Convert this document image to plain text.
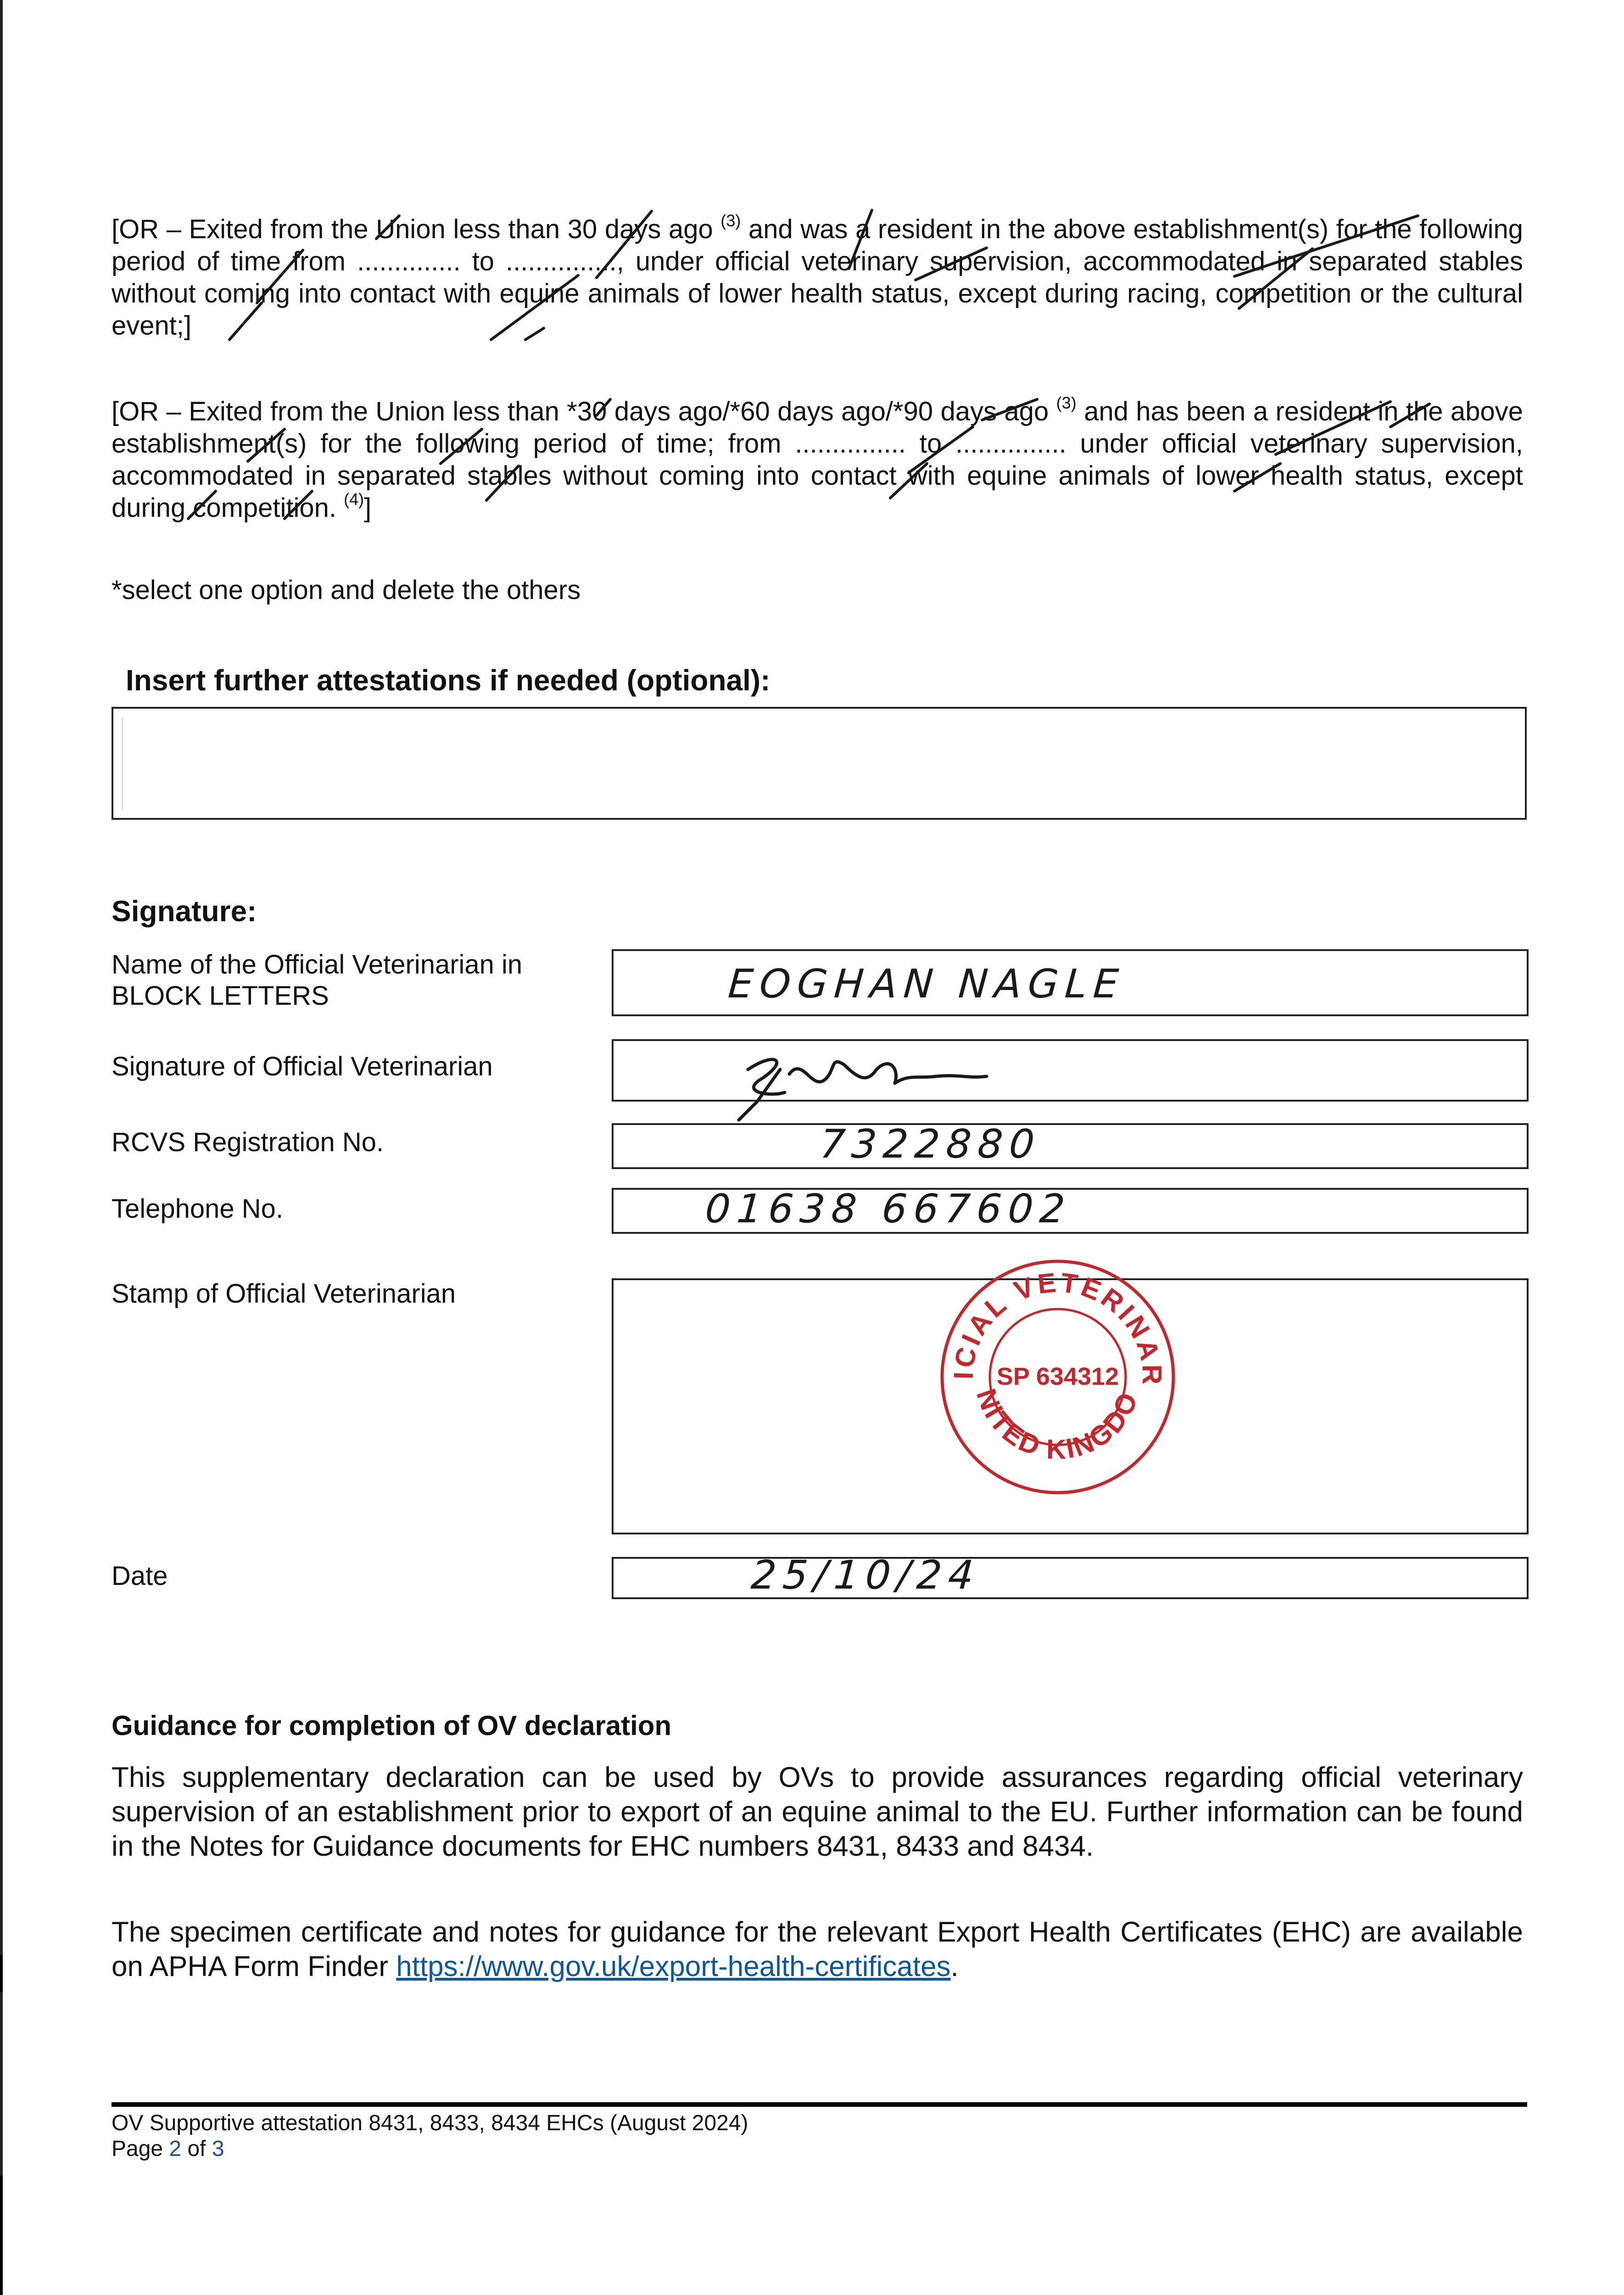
[OR – Exited from the Union less than 30 days ago $^{(3)}$ and was a resident in the above establishment(s) for the following period of time from .............. to ..............., under official veterinary supervision, accommodated in separated stables without coming into contact with equine animals of lower health status, except during racing, competition or the cultural event;]
[OR – Exited from the Union less than *30 days ago/*60 days ago/*90 days ago $^{(3)}$ and has been a resident in the above establishment(s) for the following period of time; from ............... to ............... under official veterinary supervision, accommodated in separated stables without coming into contact with equine animals of lower health status, except during competition. $^{(4)}$]
*select one option and delete the others
Insert further attestations if needed (optional):
Signature:
Name of the Official Veterinarian in BLOCK LETTERS	EOGHAN NAGLE
Signature of Official Veterinarian
RCVS Registration No.	7322880
Telephone No.	01638 667602
Stamp of Official Veterinarian
ICIAL VETERINAR
NITED KINGDO
SP 634312
Date	25/10/24
Guidance for completion of OV declaration
This supplementary declaration can be used by OVs to provide assurances regarding official veterinary supervision of an establishment prior to export of an equine animal to the EU. Further information can be found in the Notes for Guidance documents for EHC numbers 8431, 8433 and 8434.
The specimen certificate and notes for guidance for the relevant Export Health Certificates (EHC) are available on APHA Form Finder https://www.gov.uk/export-health-certificates.
OV Supportive attestation 8431, 8433, 8434 EHCs (August 2024)
Page 2 of 3
